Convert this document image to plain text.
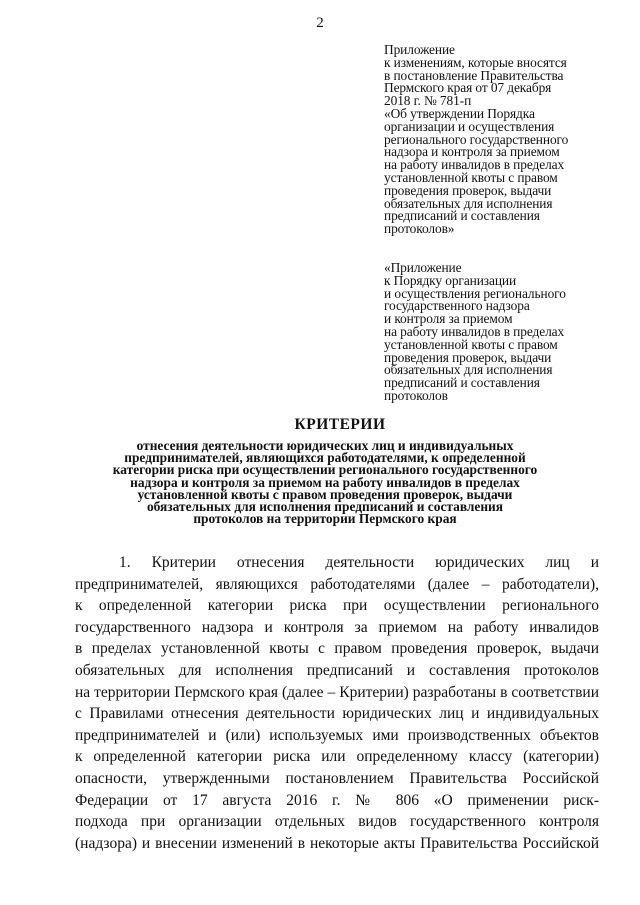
2
Приложение
к изменениям, которые вносятся
в постановление Правительства
Пермского края от 07 декабря
2018 г. № 781-п
«Об утверждении Порядка
организации и осуществления
регионального государственного
надзора и контроля за приемом
на работу инвалидов в пределах
установленной квоты с правом
проведения проверок, выдачи
обязательных для исполнения
предписаний и составления
протоколов»
«Приложение
к Порядку организации
и осуществления регионального
государственного надзора
и контроля за приемом
на работу инвалидов в пределах
установленной квоты с правом
проведения проверок, выдачи
обязательных для исполнения
предписаний и составления
протоколов
КРИТЕРИИ
отнесения деятельности юридических лиц и индивидуальных
предпринимателей, являющихся работодателями, к определенной
категории риска при осуществлении регионального государственного
надзора и контроля за приемом на работу инвалидов в пределах
установленной квоты с правом проведения проверок, выдачи
обязательных для исполнения предписаний и составления
протоколов на территории Пермского края
1. Критерии отнесения деятельности юридических лиц и
предпринимателей, являющихся работодателями (далее – работодатели),
к определенной категории риска при осуществлении регионального
государственного надзора и контроля за приемом на работу инвалидов
в пределах установленной квоты с правом проведения проверок, выдачи
обязательных для исполнения предписаний и составления протоколов
на территории Пермского края (далее – Критерии) разработаны в соответствии
с Правилами отнесения деятельности юридических лиц и индивидуальных
предпринимателей и (или) используемых ими производственных объектов
к определенной категории риска или определенному классу (категории)
опасности, утвержденными постановлением Правительства Российской
Федерации от 17 августа 2016 г. № 806 «О применении риск-
подхода при организации отдельных видов государственного контроля
(надзора) и внесении изменений в некоторые акты Правительства Российской
